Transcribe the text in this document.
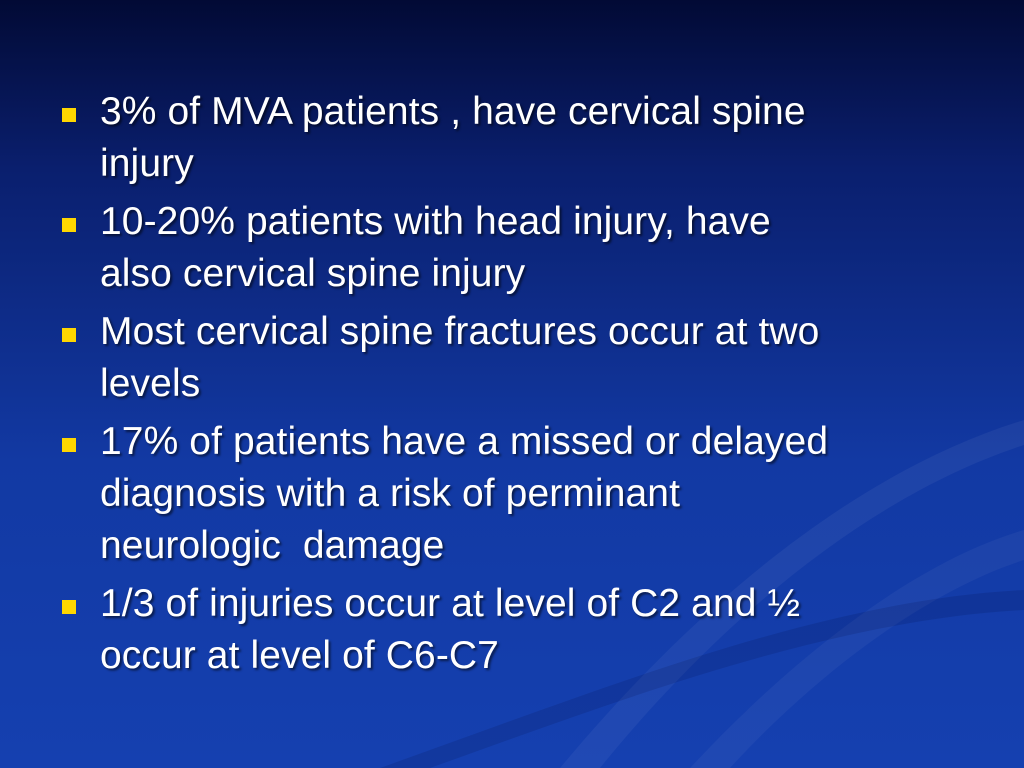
3% of MVA patients , have cervical spine
injury
10-20% patients with head injury, have
also cervical spine injury
Most cervical spine fractures occur at two
levels
17% of patients have a missed or delayed
diagnosis with a risk of perminant
neurologic  damage
1/3 of injuries occur at level of C2 and ½
occur at level of C6-C7
